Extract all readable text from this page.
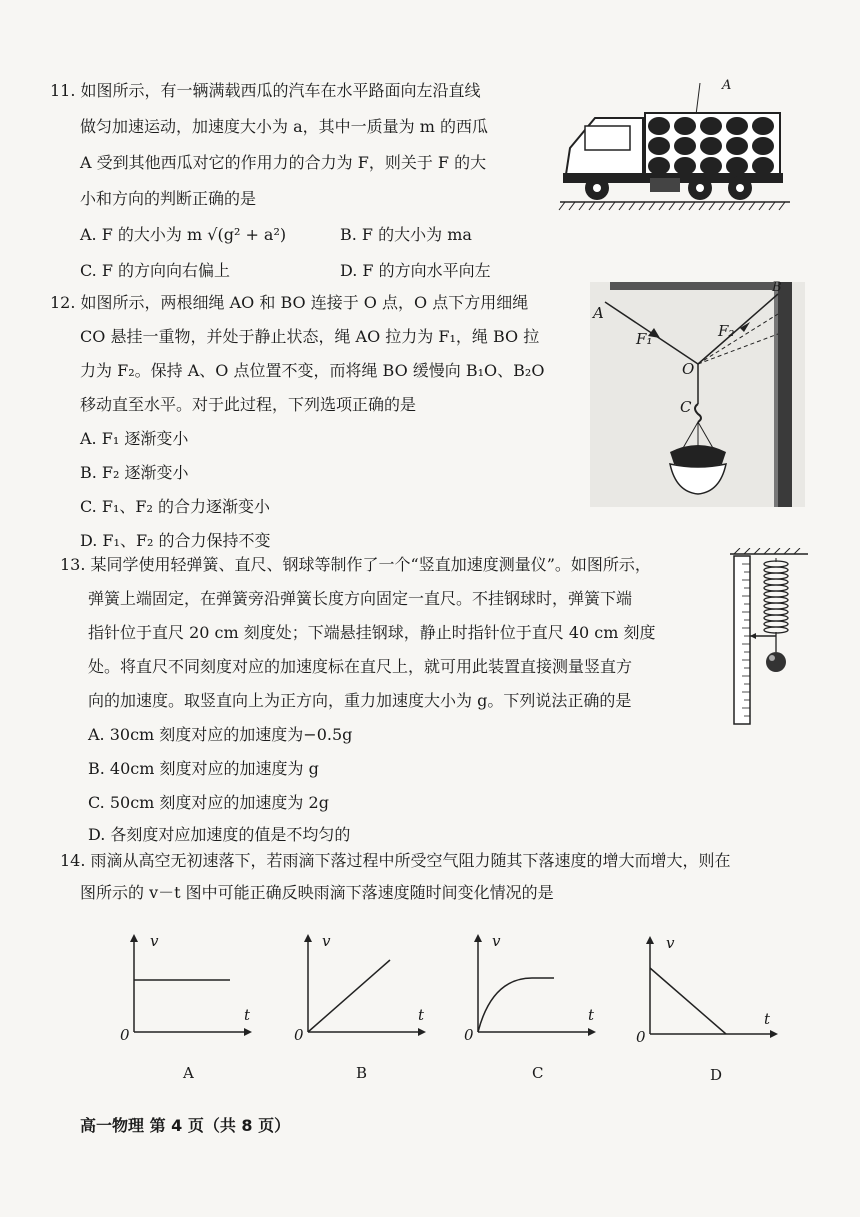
11. 如图所示，有一辆满载西瓜的汽车在水平路面向左沿直线
做匀加速运动，加速度大小为 a，其中一质量为 m 的西瓜
A 受到其他西瓜对它的作用力的合力为 F，则关于 F 的大
小和方向的判断正确的是
A. F 的大小为 m √(g² + a²)	B. F 的大小为 ma
C. F 的方向向右偏上	D. F 的方向水平向左
A
12. 如图所示，两根细绳 AO 和 BO 连接于 O 点，O 点下方用细绳
CO 悬挂一重物，并处于静止状态，绳 AO 拉力为 F₁，绳 BO 拉
力为 F₂。保持 A、O 点位置不变，而将绳 BO 缓慢向 B₁O、B₂O
移动直至水平。对于此过程，下列选项正确的是
A. F₁ 逐渐变小
B. F₂ 逐渐变小
C. F₁、F₂ 的合力逐渐变小
D. F₁、F₂ 的合力保持不变
A
B
F₁	F₂
O
C
13. 某同学使用轻弹簧、直尺、钢球等制作了一个“竖直加速度测量仪”。如图所示，
弹簧上端固定，在弹簧旁沿弹簧长度方向固定一直尺。不挂钢球时，弹簧下端
指针位于直尺 20 cm 刻度处；下端悬挂钢球，静止时指针位于直尺 40 cm 刻度
处。将直尺不同刻度对应的加速度标在直尺上，就可用此装置直接测量竖直方
向的加速度。取竖直向上为正方向，重力加速度大小为 g。下列说法正确的是
A. 30cm 刻度对应的加速度为−0.5g
B. 40cm 刻度对应的加速度为 g
C. 50cm 刻度对应的加速度为 2g
D. 各刻度对应加速度的值是不均匀的
14. 雨滴从高空无初速落下，若雨滴下落过程中所受空气阻力随其下落速度的增大而增大，则在
图所示的 v－t 图中可能正确反映雨滴下落速度随时间变化情况的是
v
t
0
A
v
t
0
B
v
t
0
C
v
t
0
D
高一物理 第 4 页（共 8 页）
